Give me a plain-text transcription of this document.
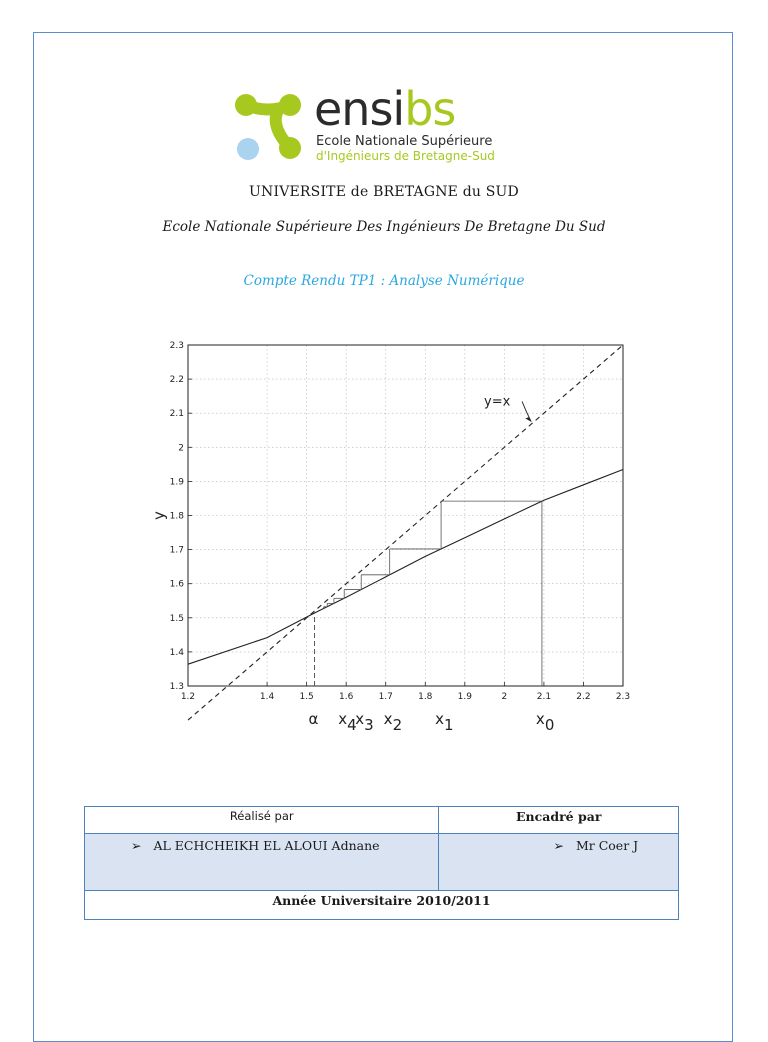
ensibs
Ecole Nationale Supérieure
d'Ingénieurs de Bretagne-Sud
UNIVERSITE de BRETAGNE du SUD
Ecole Nationale Supérieure Des Ingénieurs De Bretagne Du Sud
Compte Rendu TP1 : Analyse Numérique
1.2	1.4	1.5	1.6	1.7	1.8	1.9	2	2.1	2.2	2.3
1.3
1.4
1.5
1.6
1.7
1.8
1.9
2
2.1
2.2
2.3
y
α x4
x3 x2 x1	x0
y=x
Réalisé par	Encadré par

➢ AL ECHCHEIKH EL ALOUI Adnane	➢ Mr Coer J

Année Universitaire 2010/2011	
